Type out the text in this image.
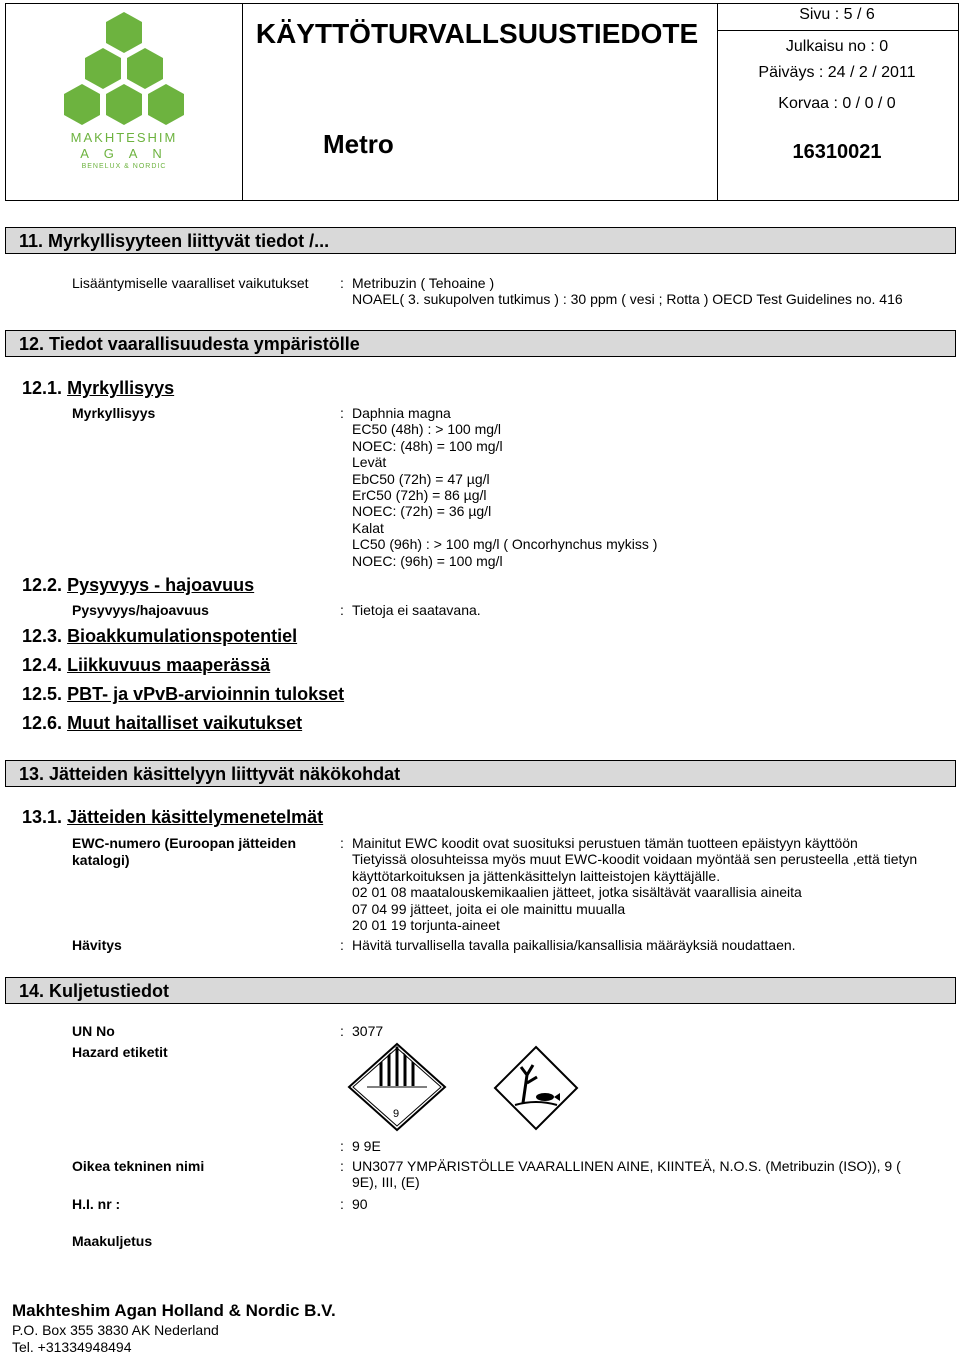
MAKHTESHIM
A G A N
BENELUX & NORDIC
KÄYTTÖTURVALLSUUSTIEDOTE
Metro
Sivu : 5 / 6
Julkaisu no : 0
Päiväys : 24 / 2 / 2011
Korvaa : 0 / 0 / 0
16310021
11. Myrkyllisyyteen liittyvät tiedot /...
Lisääntymiselle vaaralliset vaikutukset : Metribuzin ( Tehoaine )
NOAEL( 3. sukupolven tutkimus ) : 30 ppm ( vesi ; Rotta ) OECD Test Guidelines no. 416
12. Tiedot vaarallisuudesta ympäristölle
12.1. Myrkyllisyys
Myrkyllisyys	: Daphnia magna
EC50 (48h) : > 100 mg/l
NOEC: (48h) = 100 mg/l
Levät
EbC50 (72h) = 47 µg/l
ErC50 (72h) = 86 µg/l
NOEC: (72h) = 36 µg/l
Kalat
LC50 (96h) : > 100 mg/l ( Oncorhynchus mykiss )
NOEC: (96h) = 100 mg/l
12.2. Pysyvyys - hajoavuus
Pysyvyys/hajoavuus	: Tietoja ei saatavana.
12.3. Bioakkumulationspotentiel
12.4. Liikkuvuus maaperässä
12.5. PBT- ja vPvB-arvioinnin tulokset
12.6. Muut haitalliset vaikutukset
13. Jätteiden käsittelyyn liittyvät näkökohdat
13.1. Jätteiden käsittelymenetelmät
EWC-numero (Euroopan jätteiden
katalogi)
: Mainitut EWC koodit ovat suosituksi perustuen tämän tuotteen epäistyyn käyttöön
Tietyissä olosuhteissa myös muut EWC-koodit voidaan myöntää sen perusteella ,että tietyn
käyttötarkoituksen ja jättenkäsittelyn laitteistojen käyttäjälle.
02 01 08 maatalouskemikaalien jätteet, jotka sisältävät vaarallisia aineita
07 04 99 jätteet, joita ei ole mainittu muualla
20 01 19 torjunta-aineet
Hävitys	: Hävitä turvallisella tavalla paikallisia/kansallisia määräyksiä noudattaen.
14. Kuljetustiedot
UN No	: 3077
Hazard etiketit
9
: 9 9E
Oikea tekninen nimi	: UN3077 YMPÄRISTÖLLE VAARALLINEN AINE, KIINTEÄ, N.O.S. (Metribuzin (ISO)), 9 (
9E), III, (E)
H.I. nr :	: 90
Maakuljetus
Makhteshim Agan Holland & Nordic B.V.
P.O. Box 355 3830 AK Nederland
Tel. +31334948494
